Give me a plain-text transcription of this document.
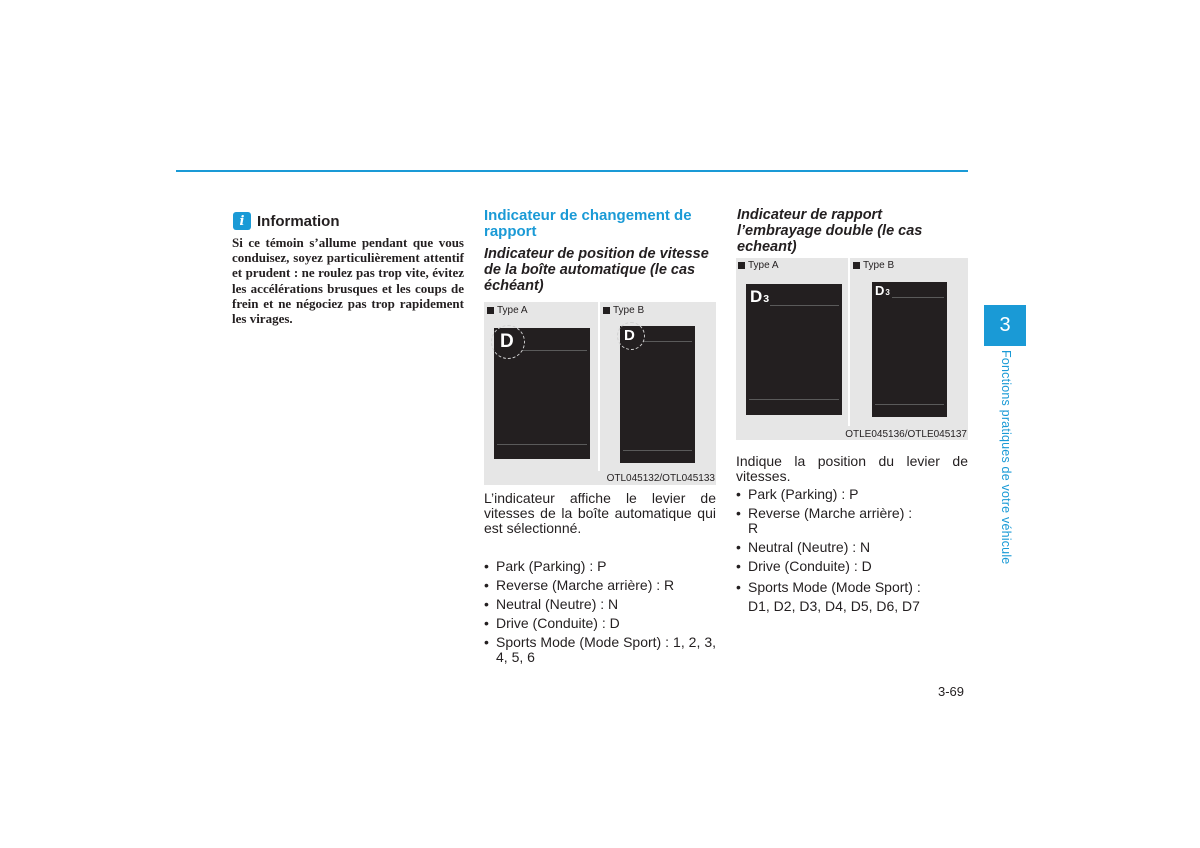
i Information

Si ce témoin s’allume pendant que vous conduisez, soyez particulièrement attentif et prudent : ne roulez pas trop vite, évitez les accélérations brusques et les coups de frein et ne négociez pas trop rapidement les virages.

Indicateur de changement de rapport
Indicateur de position de vitesse de la boîte automatique (le cas échéant)
Type A	Type B
D	D
OTL045132/OTL045133

L’indicateur affiche le levier de vitesses de la boîte automatique qui est sélectionné.

• Park (Parking) : P
• Reverse (Marche arrière) : R
• Neutral (Neutre) : N
• Drive (Conduite) : D
• Sports Mode (Mode Sport) : 1, 2, 3, 4, 5, 6
Indicateur de rapport l’embrayage double (le cas echeant)
Type A	Type B
D 3
D 3
OTLE045136/OTLE045137

Indique la position du levier de vitesses.

• Park (Parking) : P
• Reverse (Marche arrière) : R
• Neutral (Neutre) : N
• Drive (Conduite) : D
• Sports Mode (Mode Sport) : D1, D2, D3, D4, D5, D6, D7
3
Fonctions pratiques de votre véhicule
3-69
